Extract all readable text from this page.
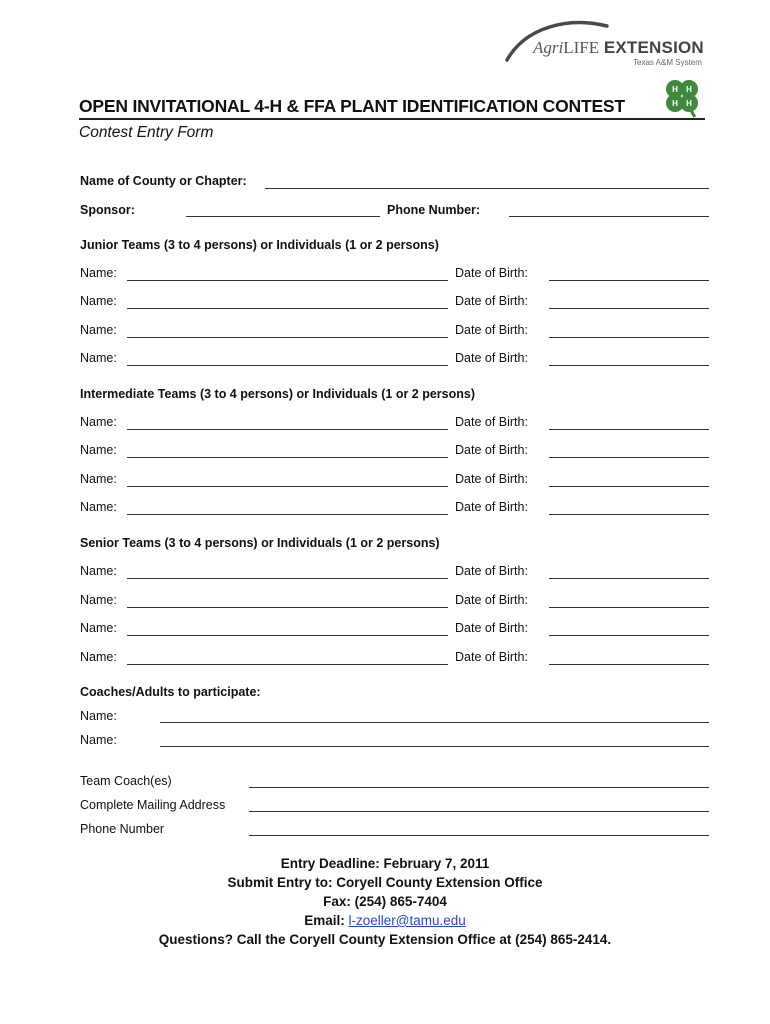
AgriLIFE EXTENSION
Texas A&M System
H H
H H
OPEN INVITATIONAL 4-H & FFA PLANT IDENTIFICATION CONTEST
Contest Entry Form
Name of County or Chapter:
Sponsor:	Phone Number:
Junior Teams (3 to 4 persons) or Individuals (1 or 2 persons)
Name:	Date of Birth:
Name:	Date of Birth:
Name:	Date of Birth:
Name:	Date of Birth:
Intermediate Teams (3 to 4 persons) or Individuals (1 or 2 persons)
Name:	Date of Birth:
Name:	Date of Birth:
Name:	Date of Birth:
Name:	Date of Birth:
Senior Teams (3 to 4 persons) or Individuals (1 or 2 persons)
Name:	Date of Birth:
Name:	Date of Birth:
Name:	Date of Birth:
Name:	Date of Birth:
Coaches/Adults to participate:
Name:
Name:
Team Coach(es)
Complete Mailing Address
Phone Number
Entry Deadline: February 7, 2011
Submit Entry to: Coryell County Extension Office
Fax: (254) 865-7404
Email: l-zoeller@tamu.edu
Questions? Call the Coryell County Extension Office at (254) 865-2414.
